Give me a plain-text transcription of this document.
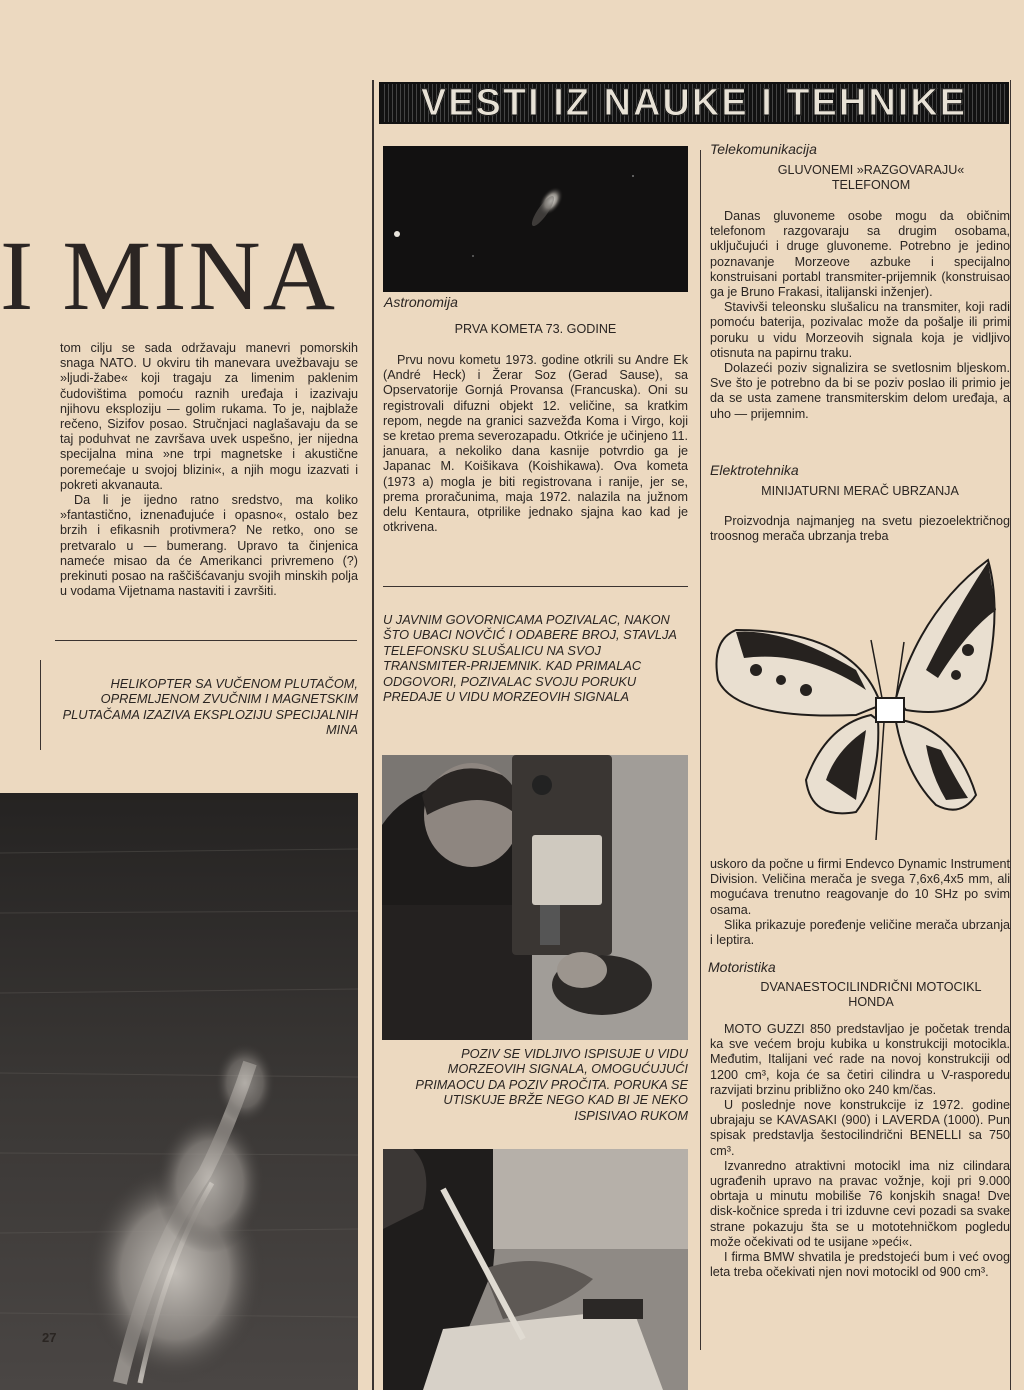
VESTI IZ NAUKE I TEHNIKE
I MINA

tom cilju se sada održavaju manevri pomorskih snaga NATO. U okviru tih manevara uvežbavaju se »ljudi-žabe« koji tragaju za limenim paklenim čudovištima pomoću raznih uređaja i izazivaju njihovu eksploziju — golim rukama. To je, najblaže rečeno, Sizifov posao. Stručnjaci naglašavaju da se taj poduhvat ne završava uvek uspešno, jer nijedna specijalna mina »ne trpi magnetske i akustične poremećaje u svojoj blizini«, a njih mogu izazvati i pokreti akvanauta.

Da li je ijedno ratno sredstvo, ma koliko »fantastično, iznenađujuće i opasno«, ostalo bez brzih i efikasnih protivmera? Ne retko, ono se pretvaralo u — bumerang. Upravo ta činjenica nameće misao da će Amerikanci privremeno (?) prekinuti posao na raščišćavanju svojih minskih polja u vodama Vijetnama nastaviti i završiti.

HELIKOPTER SA VUČENOM PLUTAČOM, OPREMLJENOM ZVUČNIM I MAGNETSKIM PLUTAČAMA IZAZIVA EKSPLOZIJU SPECIJALNIH MINA
27
Astronomija
PRVA KOMETA 73. GODINE

Prvu novu kometu 1973. godine otkrili su Andre Ek (André Heck) i Žerar Soz (Gerad Sause), sa Opservatorije Gornjá Provansa (Francuska). Oni su registrovali difuzni objekt 12. veličine, sa kratkim repom, negde na granici sazvežđa Koma i Virgo, koji se kretao prema severozapadu. Otkriće je učinjeno 11. januara, a nekoliko dana kasnije potvrdio ga je Japanac M. Koišikava (Koishikawa). Ova kometa (1973 a) mogla je biti registrovana i ranije, jer se, prema proračunima, maja 1972. nalazila na južnom delu Kentaura, otprilike jednako sjajna kao kad je otkrivena.

U JAVNIM GOVORNICAMA POZIVALAC, NAKON ŠTO UBACI NOVČIĆ I ODABERE BROJ, STAVLJA TELEFONSKU SLUŠALICU NA SVOJ TRANSMITER-PRIJEMNIK. KAD PRIMALAC ODGOVORI, POZIVALAC SVOJU PORUKU PREDAJE U VIDU MORZEOVIH SIGNALA
POZIV SE VIDLJIVO ISPISUJE U VIDU MORZEOVIH SIGNALA, OMOGUĆUJUĆI PRIMAOCU DA POZIV PROČITA. PORUKA SE UTISKUJE BRŽE NEGO KAD BI JE NEKO ISPISIVAO RUKOM
Telekomunikacija
GLUVONEMI »RAZGOVARAJU« TELEFONOM

Danas gluvoneme osobe mogu da običnim telefonom razgovaraju sa drugim osobama, uključujući i druge gluvoneme. Potrebno je jedino poznavanje Morzeove azbuke i specijalno konstruisani portabl transmiter-prijemnik (konstruisao ga je Bruno Frakasi, italijanski inženjer).

Stavivši teleonsku slušalicu na transmiter, koji radi pomoću baterija, pozivalac može da pošalje ili primi poruku u vidu Morzeovih signala koja je vidljivo otisnuta na papirnu traku.

Dolazeći poziv signalizira se svetlosnim bljeskom. Sve što je potrebno da bi se poziv poslao ili primio je da se usta zamene transmiterskim delom uređaja, a uho — prijemnim.

Elektrotehnika
MINIJATURNI MERAČ UBRZANJA

Proizvodnja najmanjeg na svetu piezoelektričnog troosnog merača ubrzanja treba

uskoro da počne u firmi Endevco Dynamic Instrument Division. Veličina merača je svega 7,6x6,4x5 mm, ali mogućava trenutno reagovanje do 10 SHz po svim osama.

Slika prikazuje poređenje veličine merača ubrzanja i leptira.

Motoristika
DVANAESTOCILINDRIČNI MOTOCIKL HONDA

MOTO GUZZI 850 predstavljao je početak trenda ka sve većem broju kubika u konstrukciji motocikla. Međutim, Italijani već rade na novoj konstrukciji od 1200 cm³, koja će sa četiri cilindra u V-rasporedu razvijati brzinu približno oko 240 km/čas.

U poslednje nove konstrukcije iz 1972. godine ubrajaju se KAVASAKI (900) i LAVERDA (1000). Pun spisak predstavlja šestocilindrični BENELLI sa 750 cm³.

Izvanredno atraktivni motocikl ima niz cilindara ugrađenih upravo na pravac vožnje, koji pri 9.000 obrtaja u minutu mobiliše 76 konjskih snaga! Dve disk-kočnice spreda i tri izduvne cevi pozadi sa svake strane pokazuju šta se u mototehničkom pogledu može očekivati od te usijane »peći«.

I firma BMW shvatila je predstojeći bum i već ovog leta treba očekivati njen novi motocikl od 900 cm³.
